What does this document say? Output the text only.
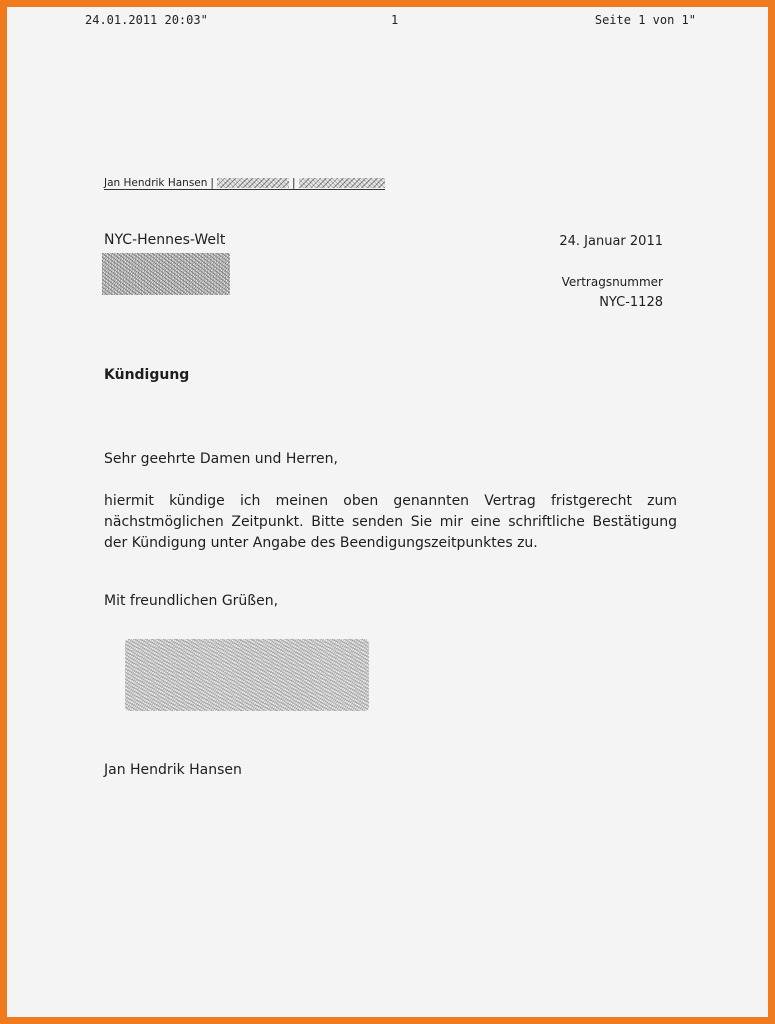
24.01.2011 20:03"	1	Seite 1 von 1"
Jan Hendrik Hansen |	|
NYC-Hennes-Welt	24. Januar 2011
Vertragsnummer
NYC-1128
Kündigung
Sehr geehrte Damen und Herren,
hiermit kündige ich meinen oben genannten Vertrag fristgerecht zum nächstmöglichen Zeitpunkt. Bitte senden Sie mir eine schriftliche Bestätigung der Kündigung unter Angabe des Beendigungszeitpunktes zu.
Mit freundlichen Grüßen,
Jan Hendrik Hansen
